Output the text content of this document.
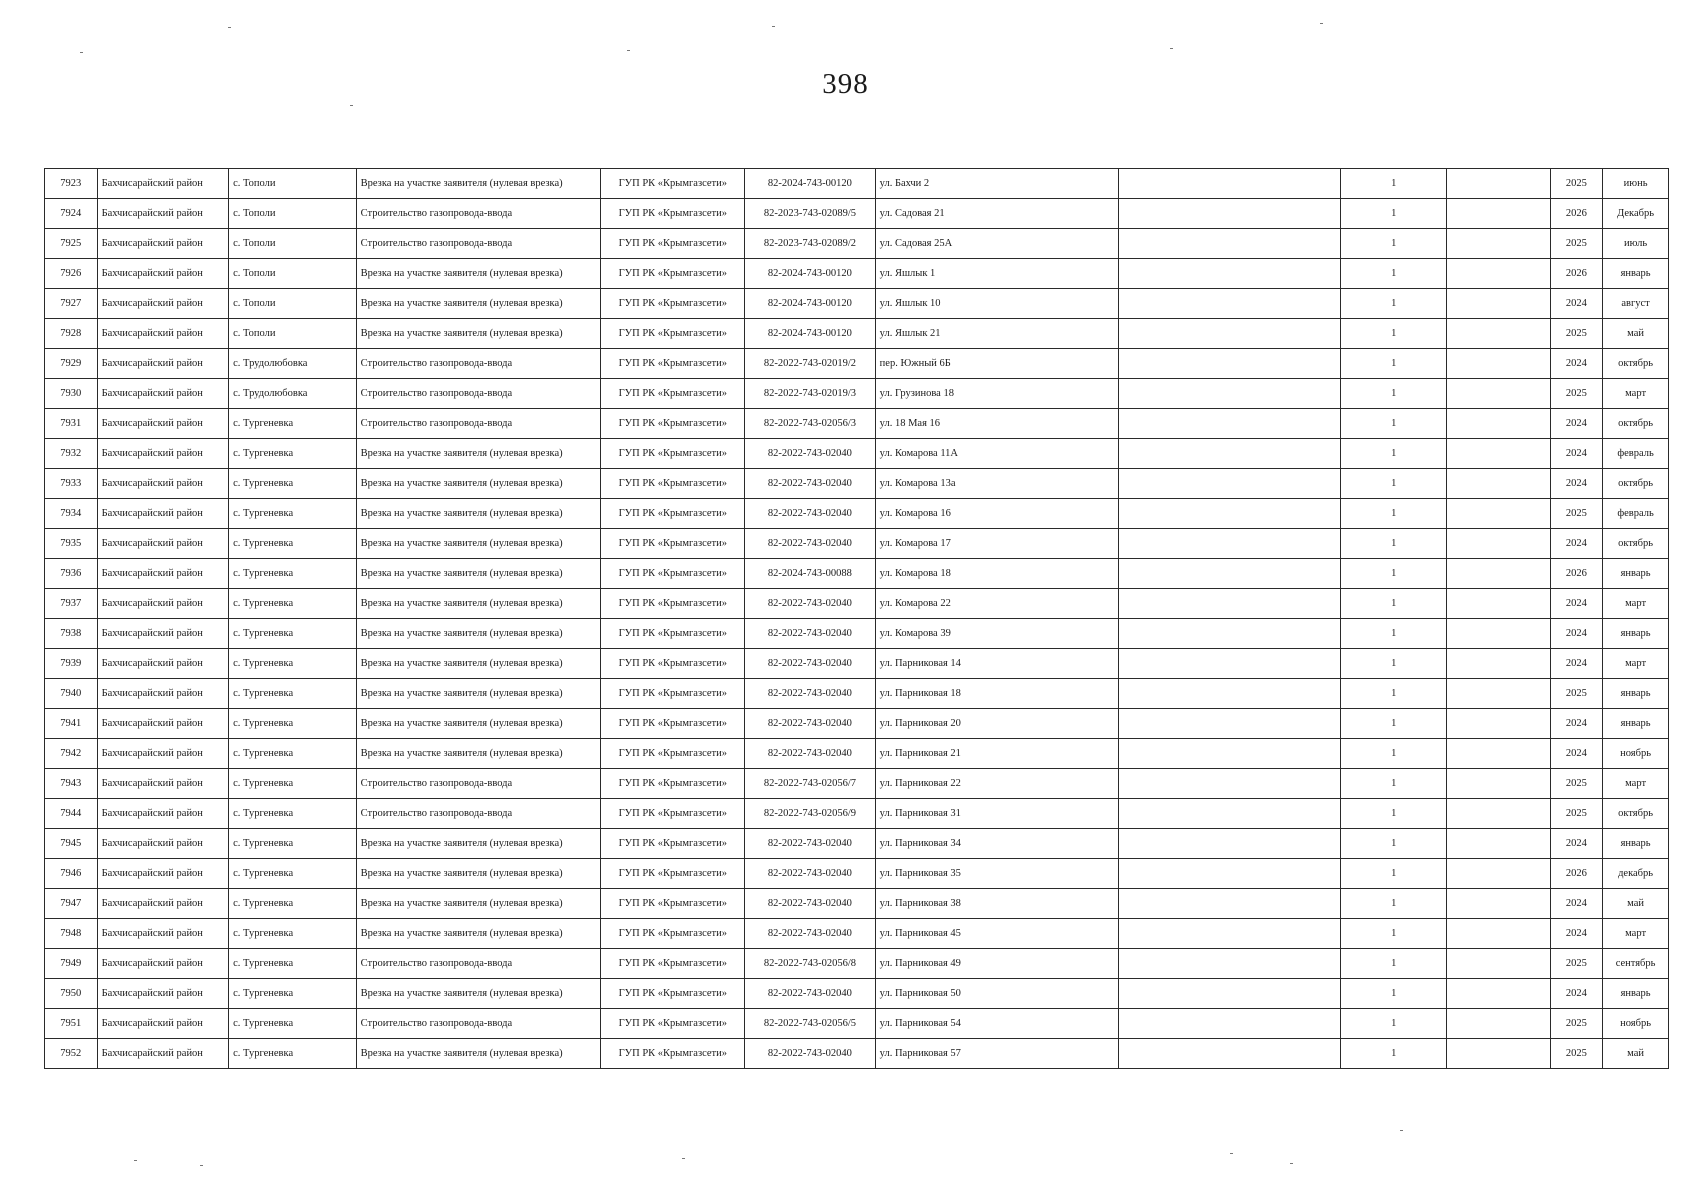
398
7923	Бахчисарайский район	с. Тополи	Врезка на участке заявителя (нулевая врезка)	ГУП РК «Крымгазсети»	82-2024-743-00120	ул. Бахчи 2		1		2025	июнь
7924	Бахчисарайский район	с. Тополи	Строительство газопровода-ввода	ГУП РК «Крымгазсети»	82-2023-743-02089/5	ул. Садовая 21		1		2026	Декабрь
7925	Бахчисарайский район	с. Тополи	Строительство газопровода-ввода	ГУП РК «Крымгазсети»	82-2023-743-02089/2	ул. Садовая 25А		1		2025	июль
7926	Бахчисарайский район	с. Тополи	Врезка на участке заявителя (нулевая врезка)	ГУП РК «Крымгазсети»	82-2024-743-00120	ул. Яшлык 1		1		2026	январь
7927	Бахчисарайский район	с. Тополи	Врезка на участке заявителя (нулевая врезка)	ГУП РК «Крымгазсети»	82-2024-743-00120	ул. Яшлык 10		1		2024	август
7928	Бахчисарайский район	с. Тополи	Врезка на участке заявителя (нулевая врезка)	ГУП РК «Крымгазсети»	82-2024-743-00120	ул. Яшлык 21		1		2025	май
7929	Бахчисарайский район	с. Трудолюбовка	Строительство газопровода-ввода	ГУП РК «Крымгазсети»	82-2022-743-02019/2	пер. Южный 6Б		1		2024	октябрь
7930	Бахчисарайский район	с. Трудолюбовка	Строительство газопровода-ввода	ГУП РК «Крымгазсети»	82-2022-743-02019/3	ул. Грузинова 18		1		2025	март
7931	Бахчисарайский район	с. Тургеневка	Строительство газопровода-ввода	ГУП РК «Крымгазсети»	82-2022-743-02056/3	ул. 18 Мая 16		1		2024	октябрь
7932	Бахчисарайский район	с. Тургеневка	Врезка на участке заявителя (нулевая врезка)	ГУП РК «Крымгазсети»	82-2022-743-02040	ул. Комарова 11А		1		2024	февраль
7933	Бахчисарайский район	с. Тургеневка	Врезка на участке заявителя (нулевая врезка)	ГУП РК «Крымгазсети»	82-2022-743-02040	ул. Комарова 13а		1		2024	октябрь
7934	Бахчисарайский район	с. Тургеневка	Врезка на участке заявителя (нулевая врезка)	ГУП РК «Крымгазсети»	82-2022-743-02040	ул. Комарова 16		1		2025	февраль
7935	Бахчисарайский район	с. Тургеневка	Врезка на участке заявителя (нулевая врезка)	ГУП РК «Крымгазсети»	82-2022-743-02040	ул. Комарова 17		1		2024	октябрь
7936	Бахчисарайский район	с. Тургеневка	Врезка на участке заявителя (нулевая врезка)	ГУП РК «Крымгазсети»	82-2024-743-00088	ул. Комарова 18		1		2026	январь
7937	Бахчисарайский район	с. Тургеневка	Врезка на участке заявителя (нулевая врезка)	ГУП РК «Крымгазсети»	82-2022-743-02040	ул. Комарова 22		1		2024	март
7938	Бахчисарайский район	с. Тургеневка	Врезка на участке заявителя (нулевая врезка)	ГУП РК «Крымгазсети»	82-2022-743-02040	ул. Комарова 39		1		2024	январь
7939	Бахчисарайский район	с. Тургеневка	Врезка на участке заявителя (нулевая врезка)	ГУП РК «Крымгазсети»	82-2022-743-02040	ул. Парниковая 14		1		2024	март
7940	Бахчисарайский район	с. Тургеневка	Врезка на участке заявителя (нулевая врезка)	ГУП РК «Крымгазсети»	82-2022-743-02040	ул. Парниковая 18		1		2025	январь
7941	Бахчисарайский район	с. Тургеневка	Врезка на участке заявителя (нулевая врезка)	ГУП РК «Крымгазсети»	82-2022-743-02040	ул. Парниковая 20		1		2024	январь
7942	Бахчисарайский район	с. Тургеневка	Врезка на участке заявителя (нулевая врезка)	ГУП РК «Крымгазсети»	82-2022-743-02040	ул. Парниковая 21		1		2024	ноябрь
7943	Бахчисарайский район	с. Тургеневка	Строительство газопровода-ввода	ГУП РК «Крымгазсети»	82-2022-743-02056/7	ул. Парниковая 22		1		2025	март
7944	Бахчисарайский район	с. Тургеневка	Строительство газопровода-ввода	ГУП РК «Крымгазсети»	82-2022-743-02056/9	ул. Парниковая 31		1		2025	октябрь
7945	Бахчисарайский район	с. Тургеневка	Врезка на участке заявителя (нулевая врезка)	ГУП РК «Крымгазсети»	82-2022-743-02040	ул. Парниковая 34		1		2024	январь
7946	Бахчисарайский район	с. Тургеневка	Врезка на участке заявителя (нулевая врезка)	ГУП РК «Крымгазсети»	82-2022-743-02040	ул. Парниковая 35		1		2026	декабрь
7947	Бахчисарайский район	с. Тургеневка	Врезка на участке заявителя (нулевая врезка)	ГУП РК «Крымгазсети»	82-2022-743-02040	ул. Парниковая 38		1		2024	май
7948	Бахчисарайский район	с. Тургеневка	Врезка на участке заявителя (нулевая врезка)	ГУП РК «Крымгазсети»	82-2022-743-02040	ул. Парниковая 45		1		2024	март
7949	Бахчисарайский район	с. Тургеневка	Строительство газопровода-ввода	ГУП РК «Крымгазсети»	82-2022-743-02056/8	ул. Парниковая 49		1		2025	сентябрь
7950	Бахчисарайский район	с. Тургеневка	Врезка на участке заявителя (нулевая врезка)	ГУП РК «Крымгазсети»	82-2022-743-02040	ул. Парниковая 50		1		2024	январь
7951	Бахчисарайский район	с. Тургеневка	Строительство газопровода-ввода	ГУП РК «Крымгазсети»	82-2022-743-02056/5	ул. Парниковая 54		1		2025	ноябрь
7952	Бахчисарайский район	с. Тургеневка	Врезка на участке заявителя (нулевая врезка)	ГУП РК «Крымгазсети»	82-2022-743-02040	ул. Парниковая 57		1		2025	май
